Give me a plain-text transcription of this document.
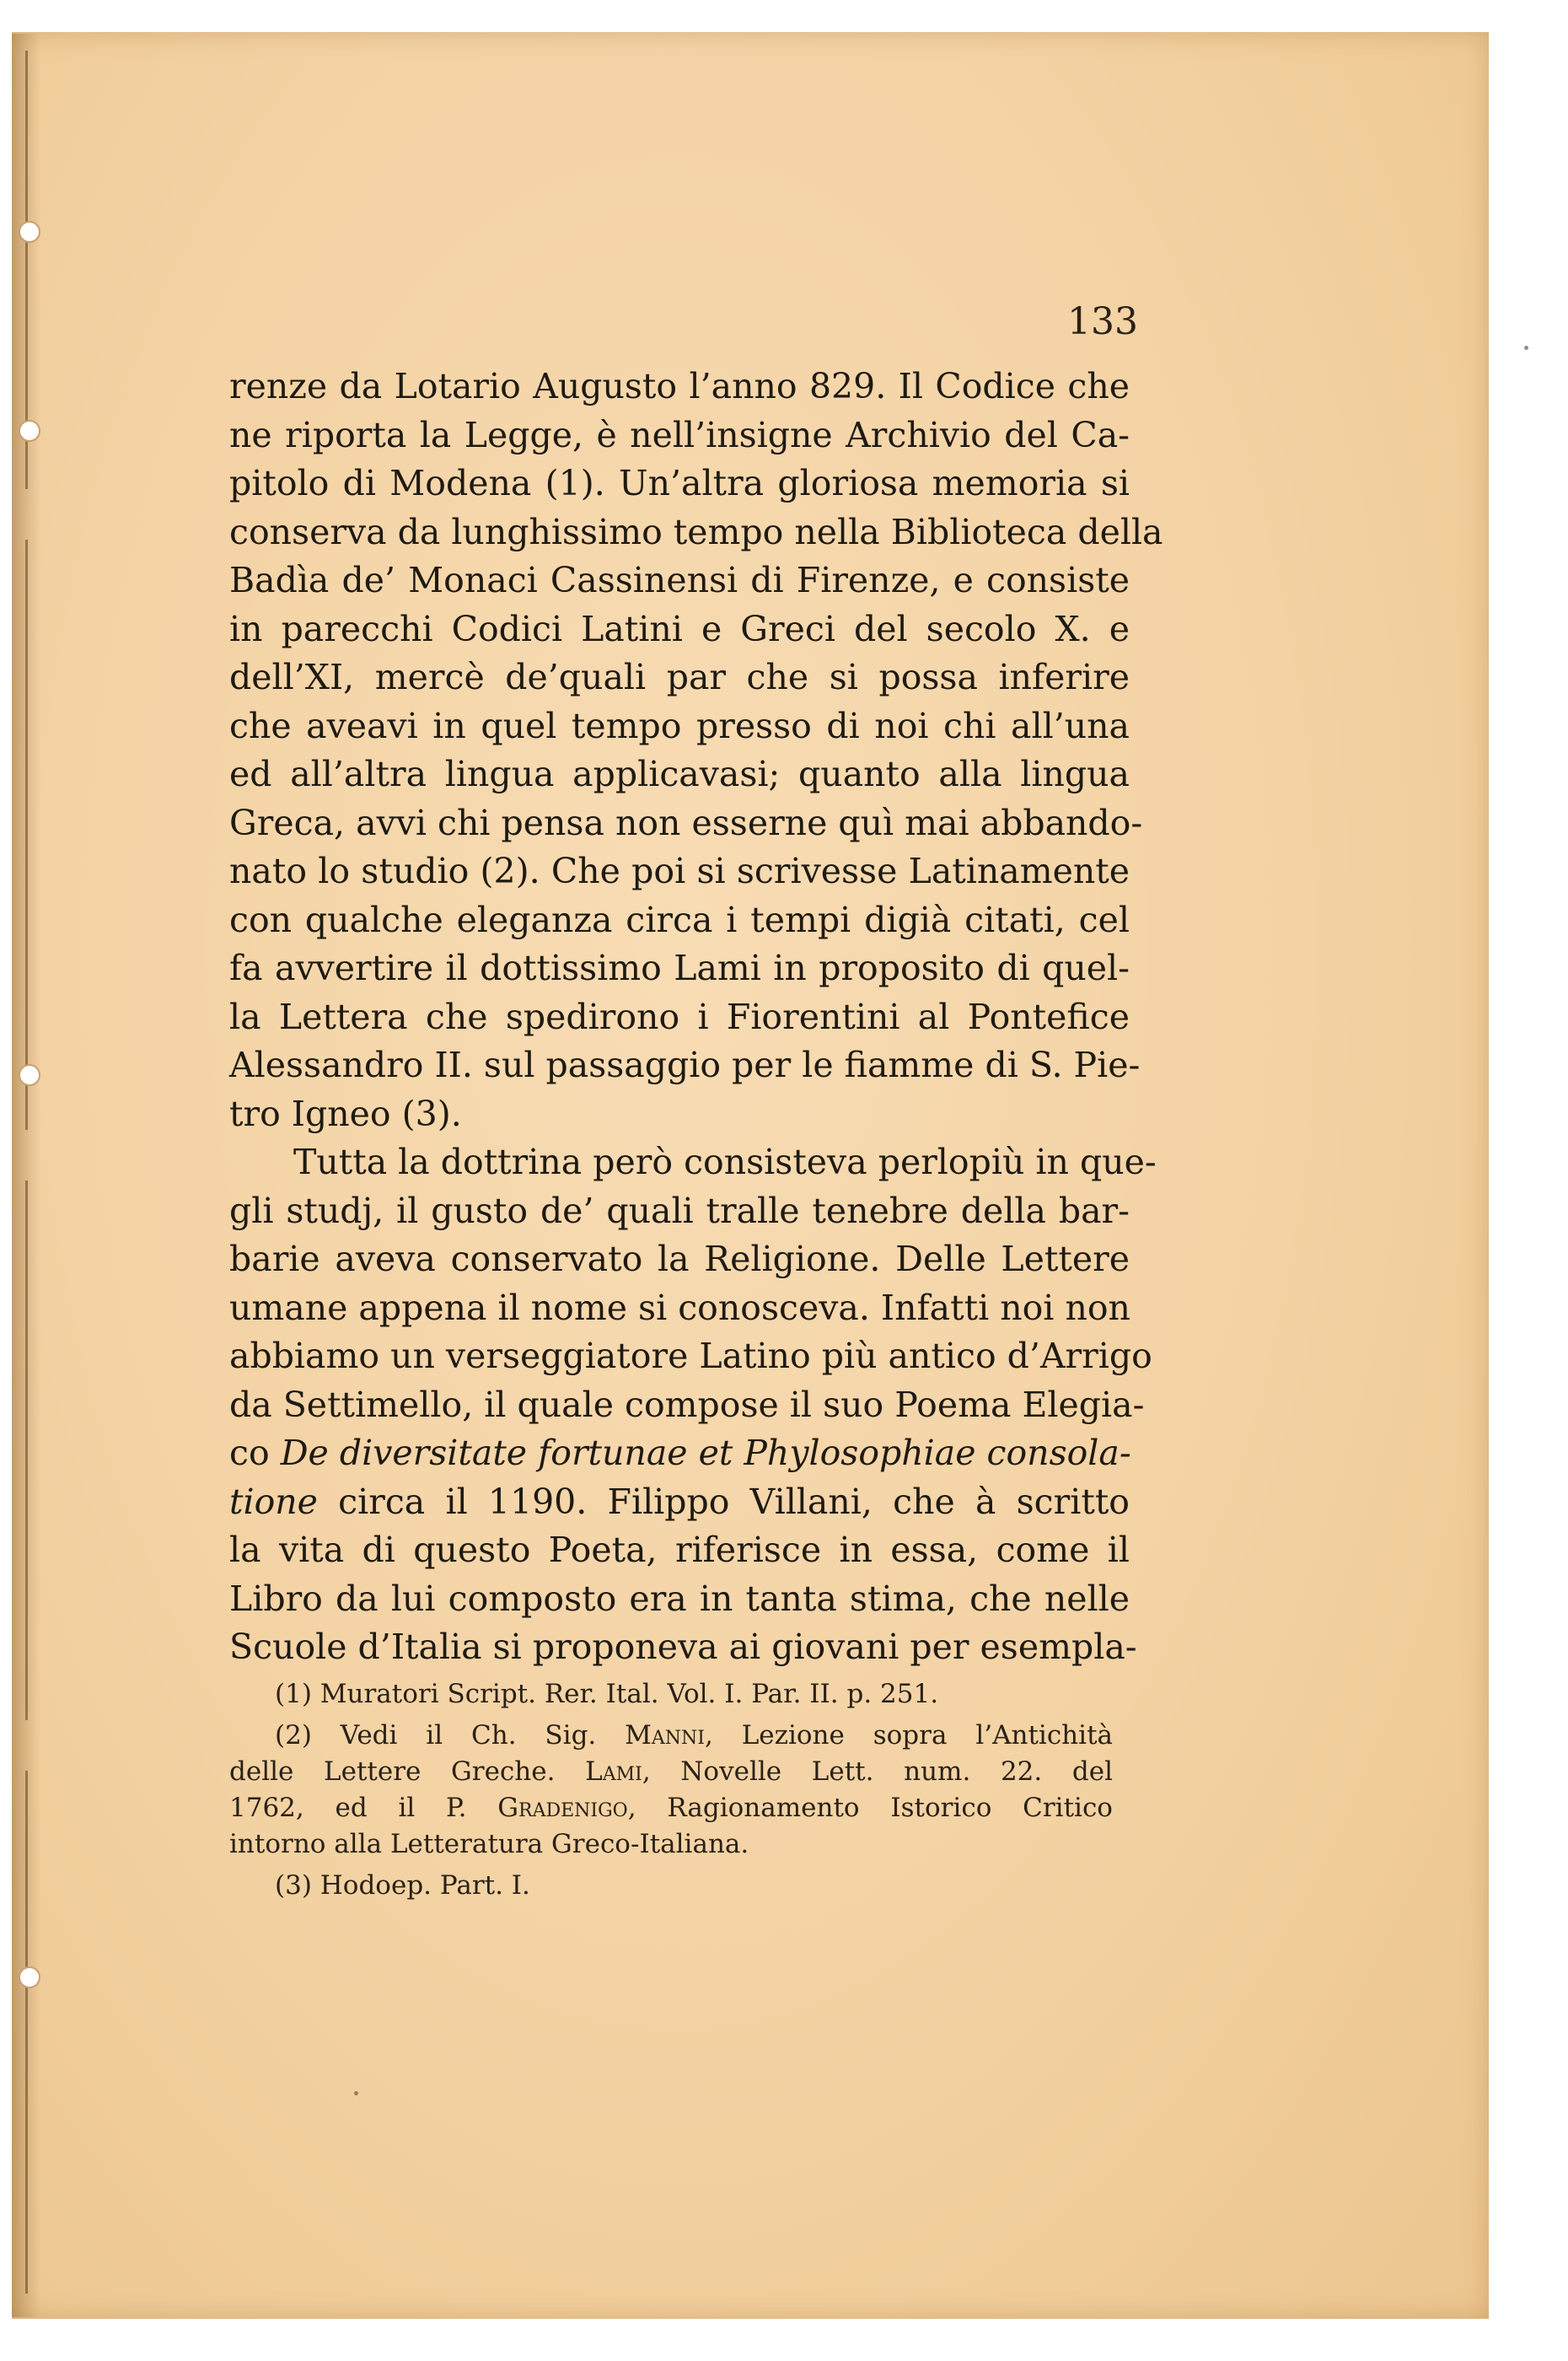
133
renze da Lotario Augusto l’anno 829. Il Codice che
ne riporta la Legge, è nell’insigne Archivio del Ca-
pitolo di Modena (1). Un’altra gloriosa memoria si
conserva da lunghissimo tempo nella Biblioteca della
Badìa de’ Monaci Cassinensi di Firenze, e consiste
in parecchi Codici Latini e Greci del secolo X. e
dell’XI, mercè de’quali par che si possa inferire
che aveavi in quel tempo presso di noi chi all’una
ed all’altra lingua applicavasi; quanto alla lingua
Greca, avvi chi pensa non esserne quì mai abbando-
nato lo studio (2). Che poi si scrivesse Latinamente
con qualche eleganza circa i tempi digià citati, cel
fa avvertire il dottissimo Lami in proposito di quel-
la Lettera che spedirono i Fiorentini al Pontefice
Alessandro II. sul passaggio per le fiamme di S. Pie-
tro Igneo (3).
Tutta la dottrina però consisteva perlopiù in que-
gli studj, il gusto de’ quali tralle tenebre della bar-
barie aveva conservato la Religione. Delle Lettere
umane appena il nome si conosceva. Infatti noi non
abbiamo un verseggiatore Latino più antico d’Arrigo
da Settimello, il quale compose il suo Poema Elegia-
co De diversitate fortunae et Phylosophiae consola-
tione circa il 1190. Filippo Villani, che à scritto
la vita di questo Poeta, riferisce in essa, come il
Libro da lui composto era in tanta stima, che nelle
Scuole d’Italia si proponeva ai giovani per esempla-
(1) Muratori Script. Rer. Ital. Vol. I. Par. II. p. 251.
(2) Vedi il Ch. Sig. Manni, Lezione sopra l’Antichità
delle Lettere Greche. Lami, Novelle Lett. num. 22. del
1762, ed il P. Gradenigo, Ragionamento Istorico Critico
intorno alla Letteratura Greco-Italiana.
(3) Hodoep. Part. I.
